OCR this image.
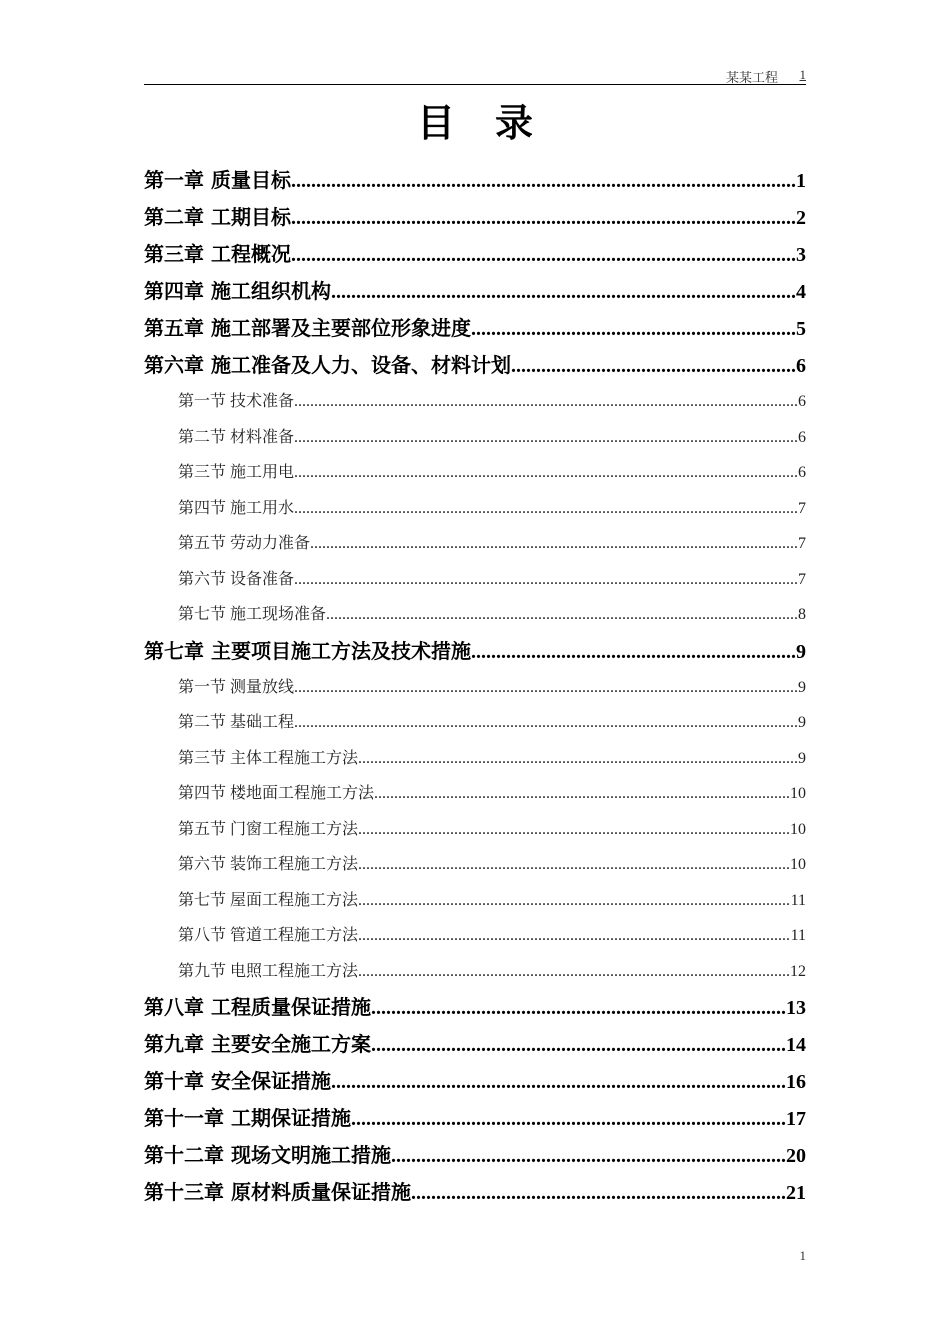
某某工程 1
目录
第一章 质量目标 .....	1
第二章 工期目标 .....	2
第三章 工程概况 .....	3
第四章 施工组织机构 .....	4
第五章 施工部署及主要部位形象进度 .....	5
第六章 施工准备及人力、设备、材料计划 .....	6
第一节 技术准备 .....	6
第二节 材料准备 .....	6
第三节 施工用电 .....	6
第四节 施工用水 .....	7
第五节 劳动力准备 .....	7
第六节 设备准备 .....	7
第七节 施工现场准备 .....	8
第七章 主要项目施工方法及技术措施 .....	9
第一节 测量放线 .....	9
第二节 基础工程 .....	9
第三节 主体工程施工方法 .....	9
第四节 楼地面工程施工方法 .....	10
第五节 门窗工程施工方法 .....	10
第六节 装饰工程施工方法 .....	10
第七节 屋面工程施工方法 .....	11
第八节 管道工程施工方法 .....	11
第九节 电照工程施工方法 .....	12
第八章 工程质量保证措施 .....	13
第九章 主要安全施工方案 .....	14
第十章 安全保证措施 .....	16
第十一章 工期保证措施 .....	17
第十二章 现场文明施工措施 .....	20
第十三章 原材料质量保证措施 .....	21
1
